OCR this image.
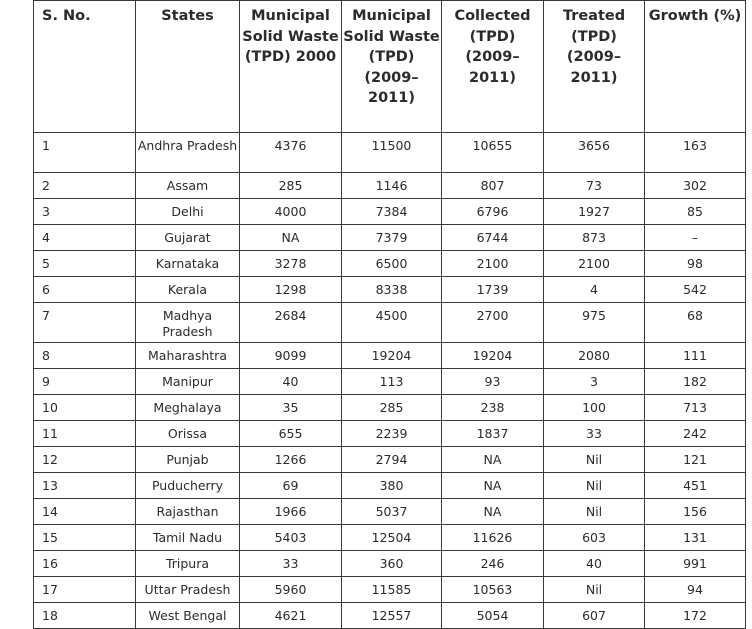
S. No.	States	Municipal Solid Waste (TPD) 2000	Municipal Solid Waste (TPD) (2009–2011)	Collected (TPD) (2009–2011)	Treated (TPD) (2009–2011)	Growth (%)
1	Andhra Pradesh	4376	11500	10655	3656	163
2	Assam	285	1146	807	73	302
3	Delhi	4000	7384	6796	1927	85
4	Gujarat	NA	7379	6744	873	–
5	Karnataka	3278	6500	2100	2100	98
6	Kerala	1298	8338	1739	4	542
7	Madhya Pradesh	2684	4500	2700	975	68
8	Maharashtra	9099	19204	19204	2080	111
9	Manipur	40	113	93	3	182
10	Meghalaya	35	285	238	100	713
11	Orissa	655	2239	1837	33	242
12	Punjab	1266	2794	NA	Nil	121
13	Puducherry	69	380	NA	Nil	451
14	Rajasthan	1966	5037	NA	Nil	156
15	Tamil Nadu	5403	12504	11626	603	131
16	Tripura	33	360	246	40	991
17	Uttar Pradesh	5960	11585	10563	Nil	94
18	West Bengal	4621	12557	5054	607	172
